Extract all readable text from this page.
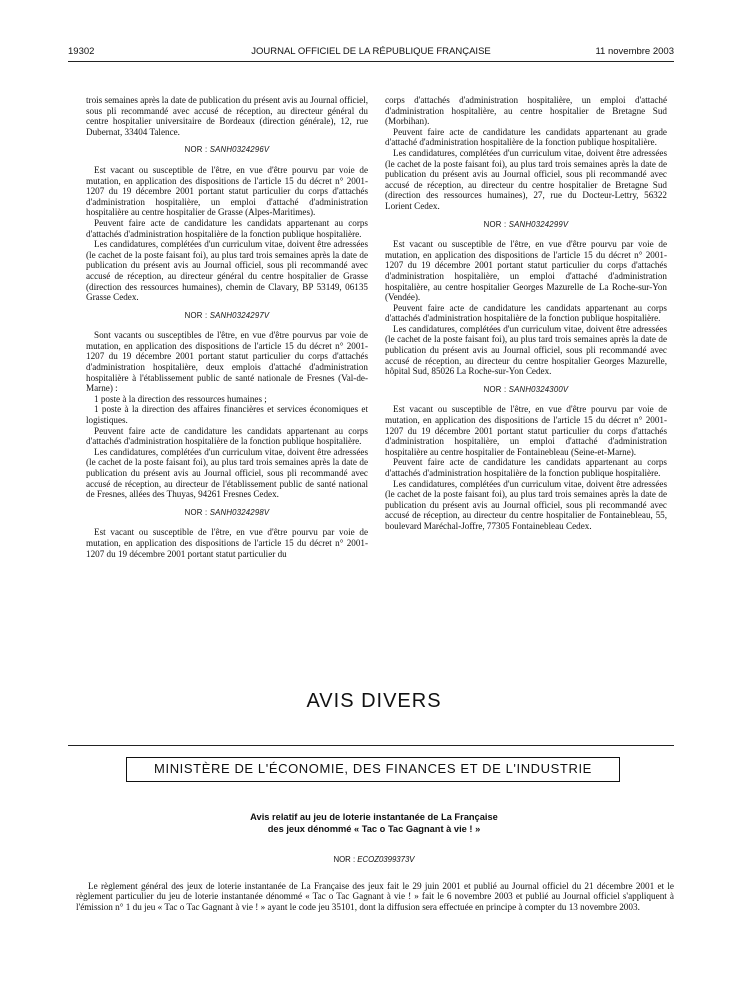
19302	JOURNAL OFFICIEL DE LA RÉPUBLIQUE FRANÇAISE	11 novembre 2003

trois semaines après la date de publication du présent avis au Journal officiel, sous pli recommandé avec accusé de réception, au directeur général du centre hospitalier universitaire de Bordeaux (direction générale), 12, rue Dubernat, 33404 Talence.

NOR : SANH0324296V

Est vacant ou susceptible de l'être, en vue d'être pourvu par voie de mutation, en application des dispositions de l'article 15 du décret n° 2001-1207 du 19 décembre 2001 portant statut particulier du corps d'attachés d'administration hospitalière, un emploi d'attaché d'administration hospitalière au centre hospitalier de Grasse (Alpes-Maritimes).

Peuvent faire acte de candidature les candidats appartenant au corps d'attachés d'administration hospitalière de la fonction publique hospitalière.

Les candidatures, complétées d'un curriculum vitae, doivent être adressées (le cachet de la poste faisant foi), au plus tard trois semaines après la date de publication du présent avis au Journal officiel, sous pli recommandé avec accusé de réception, au directeur général du centre hospitalier de Grasse (direction des ressources humaines), chemin de Clavary, BP 53149, 06135 Grasse Cedex.

NOR : SANH0324297V

Sont vacants ou susceptibles de l'être, en vue d'être pourvus par voie de mutation, en application des dispositions de l'article 15 du décret n° 2001-1207 du 19 décembre 2001 portant statut particulier du corps d'attachés d'administration hospitalière, deux emplois d'attaché d'administration hospitalière à l'établissement public de santé nationale de Fresnes (Val-de-Marne) :

1 poste à la direction des ressources humaines ;

1 poste à la direction des affaires financières et services économiques et logistiques.

Peuvent faire acte de candidature les candidats appartenant au corps d'attachés d'administration hospitalière de la fonction publique hospitalière.

Les candidatures, complétées d'un curriculum vitae, doivent être adressées (le cachet de la poste faisant foi), au plus tard trois semaines après la date de publication du présent avis au Journal officiel, sous pli recommandé avec accusé de réception, au directeur de l'établissement public de santé national de Fresnes, allées des Thuyas, 94261 Fresnes Cedex.

NOR : SANH0324298V

Est vacant ou susceptible de l'être, en vue d'être pourvu par voie de mutation, en application des dispositions de l'article 15 du décret n° 2001-1207 du 19 décembre 2001 portant statut particulier du

corps d'attachés d'administration hospitalière, un emploi d'attaché d'administration hospitalière, au centre hospitalier de Bretagne Sud (Morbihan).

Peuvent faire acte de candidature les candidats appartenant au grade d'attaché d'administration hospitalière de la fonction publique hospitalière.

Les candidatures, complétées d'un curriculum vitae, doivent être adressées (le cachet de la poste faisant foi), au plus tard trois semaines après la date de publication du présent avis au Journal officiel, sous pli recommandé avec accusé de réception, au directeur du centre hospitalier de Bretagne Sud (direction des ressources humaines), 27, rue du Docteur-Lettry, 56322 Lorient Cedex.

NOR : SANH0324299V

Est vacant ou susceptible de l'être, en vue d'être pourvu par voie de mutation, en application des dispositions de l'article 15 du décret n° 2001-1207 du 19 décembre 2001 portant statut particulier du corps d'attachés d'administration hospitalière, un emploi d'attaché d'administration hospitalière, au centre hospitalier Georges Mazurelle de La Roche-sur-Yon (Vendée).

Peuvent faire acte de candidature les candidats appartenant au corps d'attachés d'administration hospitalière de la fonction publique hospitalière.

Les candidatures, complétées d'un curriculum vitae, doivent être adressées (le cachet de la poste faisant foi), au plus tard trois semaines après la date de publication du présent avis au Journal officiel, sous pli recommandé avec accusé de réception, au directeur du centre hospitalier Georges Mazurelle, hôpital Sud, 85026 La Roche-sur-Yon Cedex.

NOR : SANH0324300V

Est vacant ou susceptible de l'être, en vue d'être pourvu par voie de mutation, en application des dispositions de l'article 15 du décret n° 2001-1207 du 19 décembre 2001 portant statut particulier du corps d'attachés d'administration hospitalière, un emploi d'attaché d'administration hospitalière au centre hospitalier de Fontainebleau (Seine-et-Marne).

Peuvent faire acte de candidature les candidats appartenant au corps d'attachés d'administration hospitalière de la fonction publique hospitalière.

Les candidatures, complétées d'un curriculum vitae, doivent être adressées (le cachet de la poste faisant foi), au plus tard trois semaines après la date de publication du présent avis au Journal officiel, sous pli recommandé avec accusé de réception, au directeur du centre hospitalier de Fontainebleau, 55, boulevard Maréchal-Joffre, 77305 Fontainebleau Cedex.

AVIS DIVERS
MINISTÈRE DE L'ÉCONOMIE, DES FINANCES ET DE L'INDUSTRIE
Avis relatif au jeu de loterie instantanée de La Française
des jeux dénommé « Tac o Tac Gagnant à vie ! »
NOR : ECOZ0399373V

Le règlement général des jeux de loterie instantanée de La Française des jeux fait le 29 juin 2001 et publié au Journal officiel du 21 décembre 2001 et le règlement particulier du jeu de loterie instantanée dénommé « Tac o Tac Gagnant à vie ! » fait le 6 novembre 2003 et publié au Journal officiel s'appliquent à l'émission n° 1 du jeu « Tac o Tac Gagnant à vie ! » ayant le code jeu 35101, dont la diffusion sera effectuée en principe à compter du 13 novembre 2003.
